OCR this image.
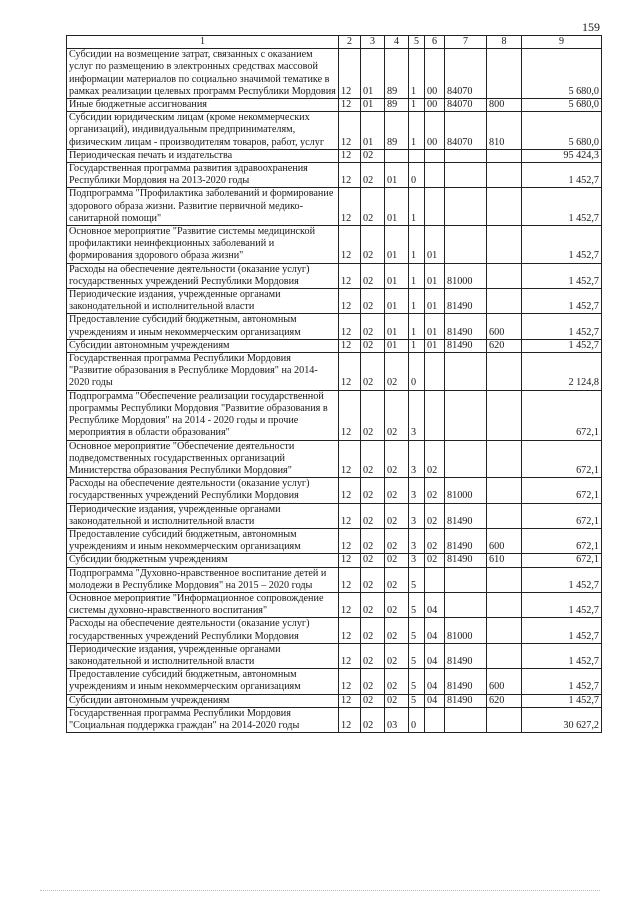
159
1	2	3	4	5	6	7	8	9
Субсидии на возмещение затрат, связанных с оказанием услуг по размещению в электронных средствах массовой информации материалов по социально значимой тематике в рамках реализации целевых программ Республики Мордовия	12	01	89	1	00	84070		5 680,0
Иные бюджетные ассигнования	12	01	89	1	00	84070	800	5 680,0
Субсидии юридическим лицам (кроме некоммерческих организаций), индивидуальным предпринимателям, физическим лицам - производителям товаров, работ, услуг	12	01	89	1	00	84070	810	5 680,0
Периодическая печать и издательства	12	02						95 424,3
Государственная программа развития здравоохранения Республики Мордовия на 2013-2020 годы	12	02	01	0				1 452,7
Подпрограмма "Профилактика заболеваний и формирование здорового образа жизни. Развитие первичной медико-санитарной помощи"	12	02	01	1				1 452,7
Основное мероприятие "Развитие системы медицинской профилактики неинфекционных заболеваний и формирования здорового образа жизни"	12	02	01	1	01			1 452,7
Расходы на обеспечение деятельности (оказание услуг) государственных учреждений Республики Мордовия	12	02	01	1	01	81000		1 452,7
Периодические издания, учрежденные органами законодательной и исполнительной власти	12	02	01	1	01	81490		1 452,7
Предоставление субсидий бюджетным, автономным учреждениям и иным некоммерческим организациям	12	02	01	1	01	81490	600	1 452,7
Субсидии автономным учреждениям	12	02	01	1	01	81490	620	1 452,7
Государственная программа Республики Мордовия "Развитие образования в Республике Мордовия" на 2014-2020 годы	12	02	02	0				2 124,8
Подпрограмма "Обеспечение реализации государственной программы Республики Мордовия "Развитие образования в Республике Мордовия" на 2014 - 2020 годы и прочие мероприятия в области образования"	12	02	02	3				672,1
Основное мероприятие "Обеспечение деятельности подведомственных государственных организаций Министерства образования Республики Мордовия"	12	02	02	3	02			672,1
Расходы на обеспечение деятельности (оказание услуг) государственных учреждений Республики Мордовия	12	02	02	3	02	81000		672,1
Периодические издания, учрежденные органами законодательной и исполнительной власти	12	02	02	3	02	81490		672,1
Предоставление субсидий бюджетным, автономным учреждениям и иным некоммерческим организациям	12	02	02	3	02	81490	600	672,1
Субсидии бюджетным учреждениям	12	02	02	3	02	81490	610	672,1
Подпрограмма "Духовно-нравственное воспитание детей и молодежи в Республике Мордовия" на 2015 – 2020 годы	12	02	02	5				1 452,7
Основное мероприятие "Информационное сопровождение системы духовно-нравственного воспитания"	12	02	02	5	04			1 452,7
Расходы на обеспечение деятельности (оказание услуг) государственных учреждений Республики Мордовия	12	02	02	5	04	81000		1 452,7
Периодические издания, учрежденные органами законодательной и исполнительной власти	12	02	02	5	04	81490		1 452,7
Предоставление субсидий бюджетным, автономным учреждениям и иным некоммерческим организациям	12	02	02	5	04	81490	600	1 452,7
Субсидии автономным учреждениям	12	02	02	5	04	81490	620	1 452,7
Государственная программа Республики Мордовия "Социальная поддержка граждан" на 2014-2020 годы	12	02	03	0				30 627,2
